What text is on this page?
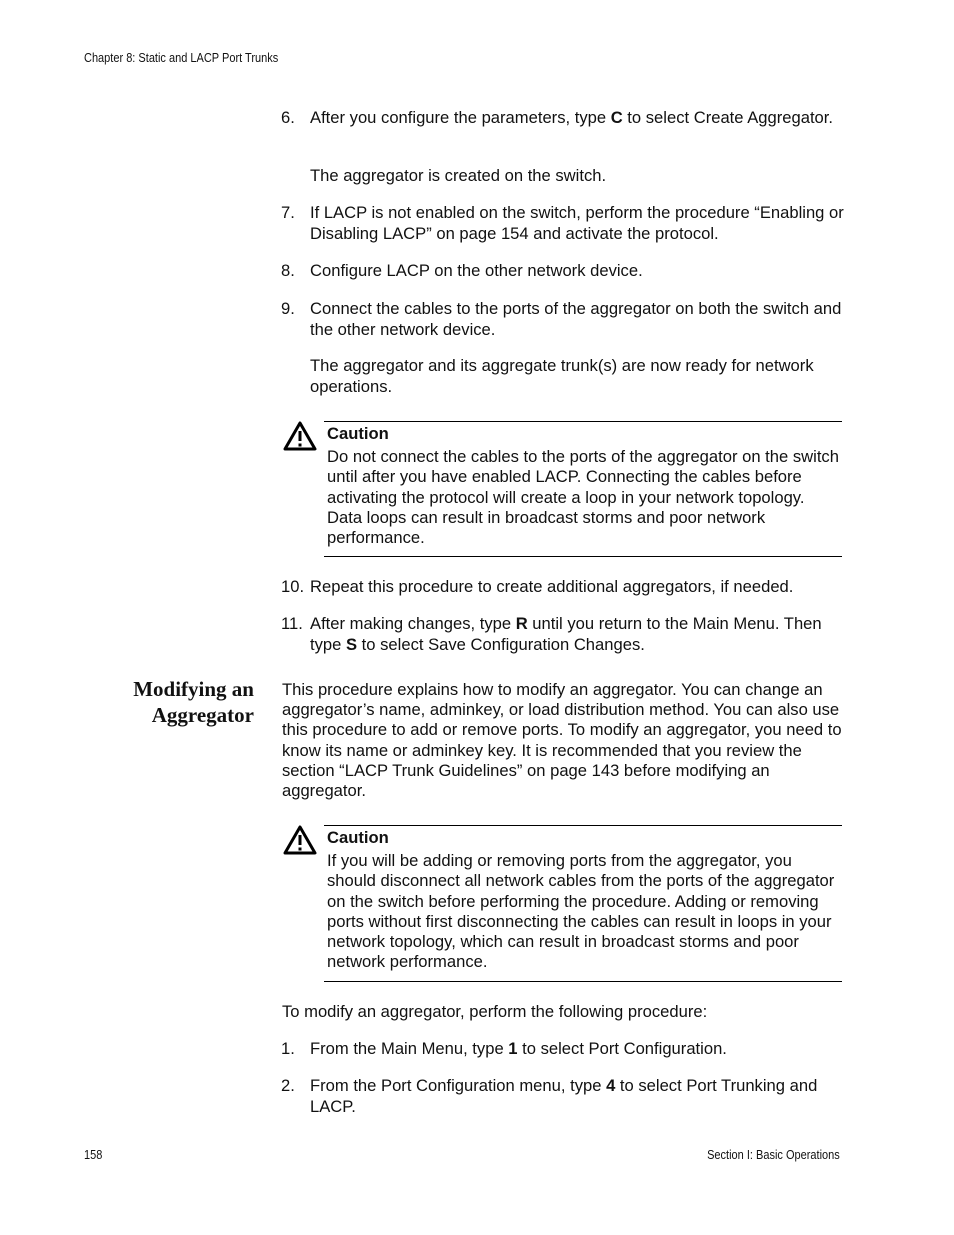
Chapter 8: Static and LACP Port Trunks
6. After you configure the parameters, type C to select Create Aggregator.
The aggregator is created on the switch.
7. If LACP is not enabled on the switch, perform the procedure “Enabling or Disabling LACP” on page 154 and activate the protocol.
8. Configure LACP on the other network device.
9. Connect the cables to the ports of the aggregator on both the switch and the other network device.
The aggregator and its aggregate trunk(s) are now ready for network operations.
Caution
Do not connect the cables to the ports of the aggregator on the switch until after you have enabled LACP. Connecting the cables before activating the protocol will create a loop in your network topology. Data loops can result in broadcast storms and poor network performance.
10. Repeat this procedure to create additional aggregators, if needed.
11. After making changes, type R until you return to the Main Menu. Then type S to select Save Configuration Changes.
Modifying an
Aggregator
This procedure explains how to modify an aggregator. You can change an aggregator’s name, adminkey, or load distribution method. You can also use this procedure to add or remove ports. To modify an aggregator, you need to know its name or adminkey key. It is recommended that you review the section “LACP Trunk Guidelines” on page 143 before modifying an aggregator.
Caution
If you will be adding or removing ports from the aggregator, you should disconnect all network cables from the ports of the aggregator on the switch before performing the procedure. Adding or removing ports without first disconnecting the cables can result in loops in your network topology, which can result in broadcast storms and poor network performance.
To modify an aggregator, perform the following procedure:
1. From the Main Menu, type 1 to select Port Configuration.
2. From the Port Configuration menu, type 4 to select Port Trunking and LACP.
158	Section I: Basic Operations
